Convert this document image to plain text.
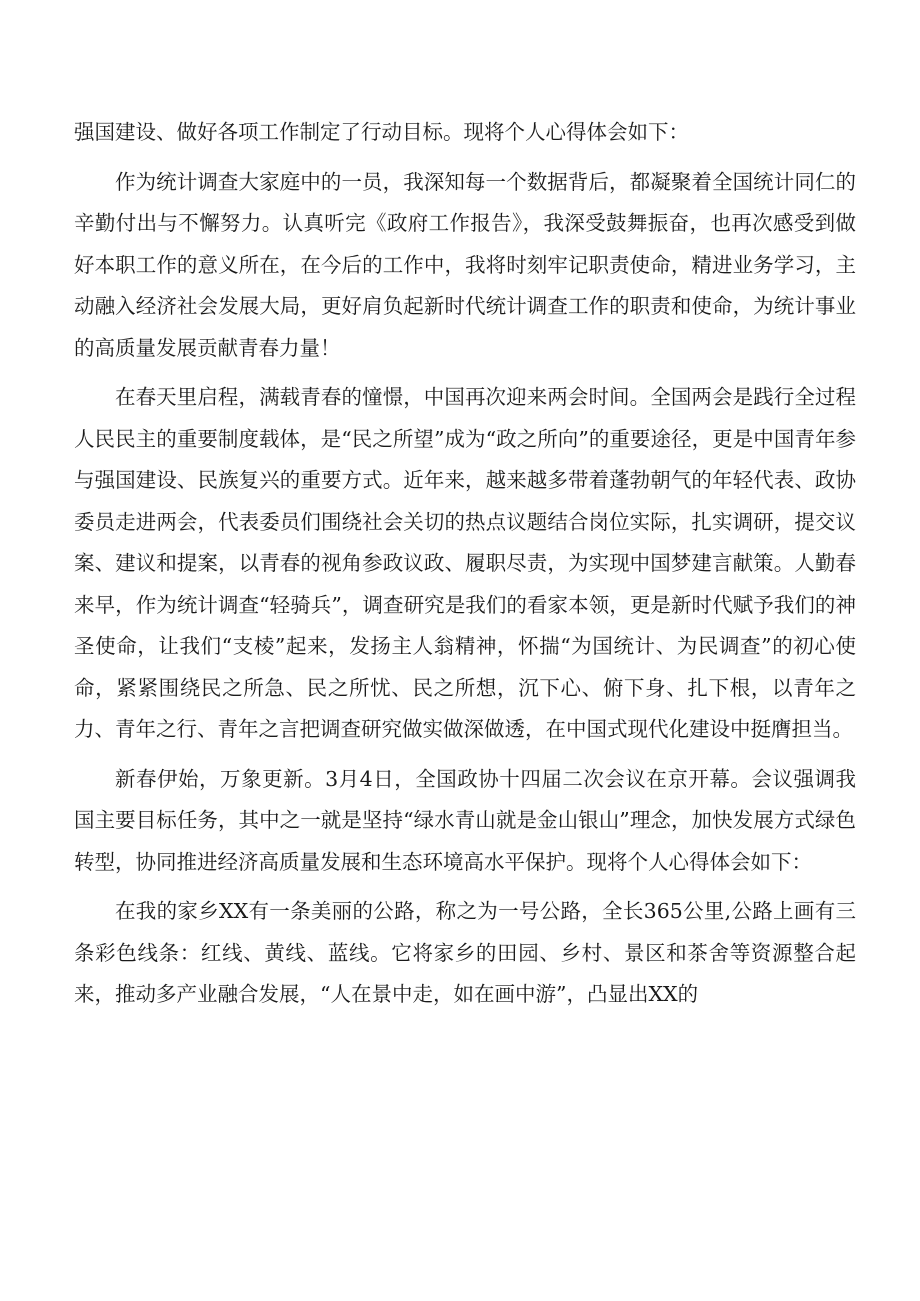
强国建设、做好各项工作制定了行动目标。现将个人心得体会如下：

作为统计调查大家庭中的一员，我深知每一个数据背后，都凝聚着全国统计同仁的辛勤付出与不懈努力。认真听完《政府工作报告》，我深受鼓舞振奋，也再次感受到做好本职工作的意义所在，在今后的工作中，我将时刻牢记职责使命，精进业务学习，主动融入经济社会发展大局，更好肩负起新时代统计调查工作的职责和使命，为统计事业的高质量发展贡献青春力量！

在春天里启程，满载青春的憧憬，中国再次迎来两会时间。全国两会是践行全过程人民民主的重要制度载体，是“民之所望”成为“政之所向”的重要途径，更是中国青年参与强国建设、民族复兴的重要方式。近年来，越来越多带着蓬勃朝气的年轻代表、政协委员走进两会，代表委员们围绕社会关切的热点议题结合岗位实际，扎实调研，提交议案、建议和提案，以青春的视角参政议政、履职尽责，为实现中国梦建言献策。人勤春来早，作为统计调查“轻骑兵”，调查研究是我们的看家本领，更是新时代赋予我们的神圣使命，让我们“支棱”起来，发扬主人翁精神，怀揣“为国统计、为民调查”的初心使命，紧紧围绕民之所急、民之所忧、民之所想，沉下心、俯下身、扎下根，以青年之力、青年之行、青年之言把调查研究做实做深做透，在中国式现代化建设中挺膺担当。

新春伊始，万象更新。3月4日，全国政协十四届二次会议在京开幕。会议强调我国主要目标任务，其中之一就是坚持“绿水青山就是金山银山”理念，加快发展方式绿色转型，协同推进经济高质量发展和生态环境高水平保护。现将个人心得体会如下：

在我的家乡XX有一条美丽的公路，称之为一号公路，全长365公里,公路上画有三条彩色线条：红线、黄线、蓝线。它将家乡的田园、乡村、景区和茶舍等资源整合起来，推动多产业融合发展，“人在景中走，如在画中游”，凸显出XX的
